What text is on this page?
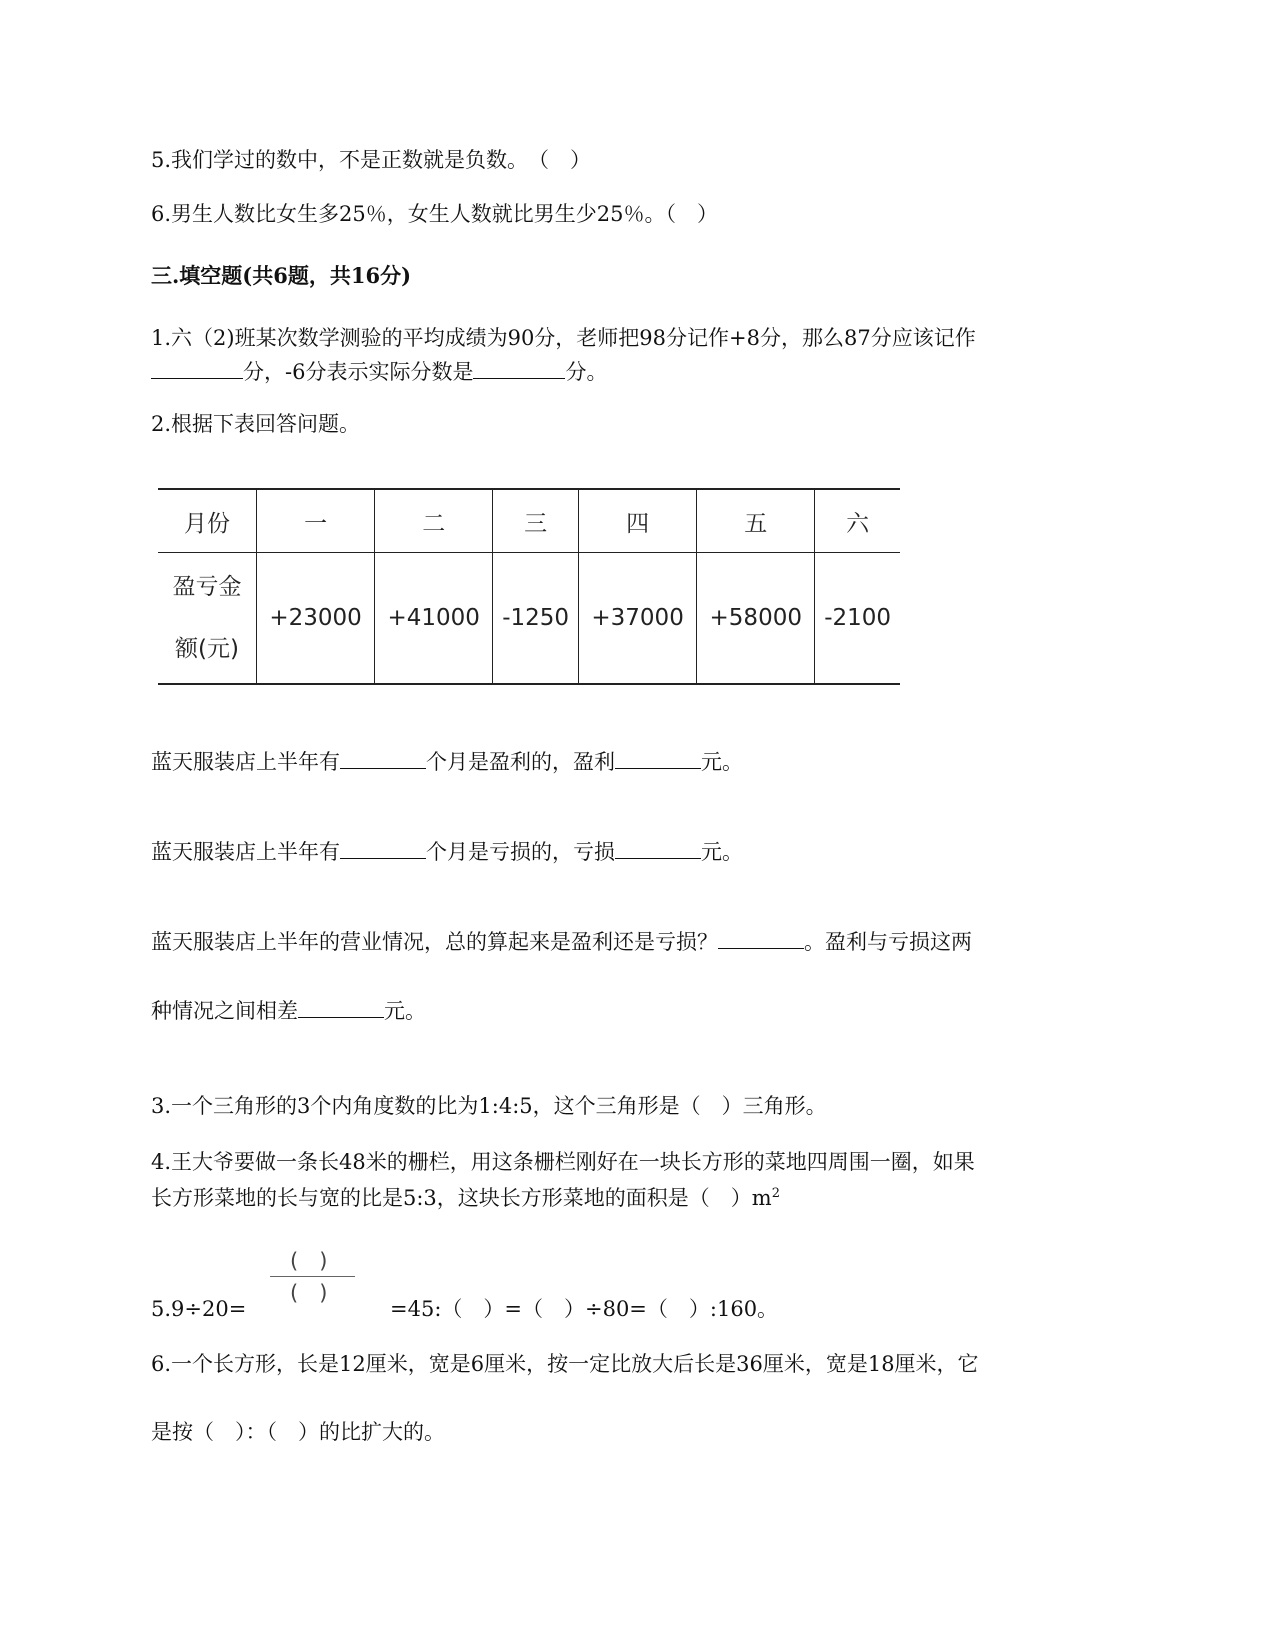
5.我们学过的数中，不是正数就是负数。　（　）
6.男生人数比女生多25％，女生人数就比男生少25％。（　）
三.填空题(共6题，共16分)
1.六（2)班某次数学测验的平均成绩为90分，老师把98分记作+8分，那么87分应该记作
分，-6分表示实际分数是	分。
2.根据下表回答问题。
月份	一	二	三	四	五	六

盈亏金
额(元)	+23000	+41000	-1250	+37000	+58000	-2100
蓝天服装店上半年有	个月是盈利的，盈利	元。
蓝天服装店上半年有	个月是亏损的，亏损	元。
蓝天服装店上半年的营业情况，总的算起来是盈利还是亏损？	。盈利与亏损这两
种情况之间相差	元。
3.一个三角形的3个内角度数的比为1:4:5，这个三角形是（　）三角形。
4.王大爷要做一条长48米的栅栏，用这条栅栏刚好在一块长方形的菜地四周围一圈，如果
长方形菜地的长与宽的比是5:3，这块长方形菜地的面积是（　）$m^2$
(　)
(　)
5.9÷20=	=45:（　）=（　）÷80=（　）:160。
6.一个长方形，长是12厘米，宽是6厘米，按一定比放大后长是36厘米，宽是18厘米，它
是按（　）：（　）的比扩大的。
